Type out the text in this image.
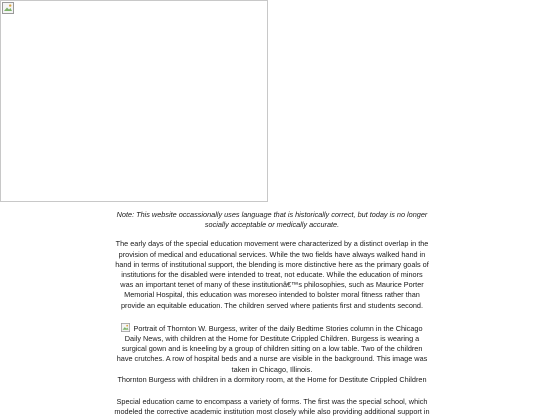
Note: This website occassionally uses language that is historically correct, but today is no longer socially acceptable or medically accurate.

The early days of the special education movement were characterized by a distinct overlap in the provision of medical and educational services. While the two fields have always walked hand in hand in terms of institutional support, the blending is more distinctive here as the primary goals of institutions for the disabled were intended to treat, not educate. While the education of minors was an important tenet of many of these institutionâ€™s philosophies, such as Maurice Porter Memorial Hospital, this education was moreseo intended to bolster moral fitness rather than provide an equitable education. The children served where patients first and students second.

Portrait of Thornton W. Burgess, writer of the daily Bedtime Stories column in the Chicago Daily News, with children at the Home for Destitute Crippled Children. Burgess is wearing a surgical gown and is kneeling by a group of children sitting on a low table. Two of the children have crutches. A row of hospital beds and a nurse are visible in the background. This image was taken in Chicago, Illinois.

Thornton Burgess with children in a dormitory room, at the Home for Destitute Crippled Children

Special education came to encompass a variety of forms. The first was the special school, which modeled the corrective academic institution most closely while also providing additional support in
